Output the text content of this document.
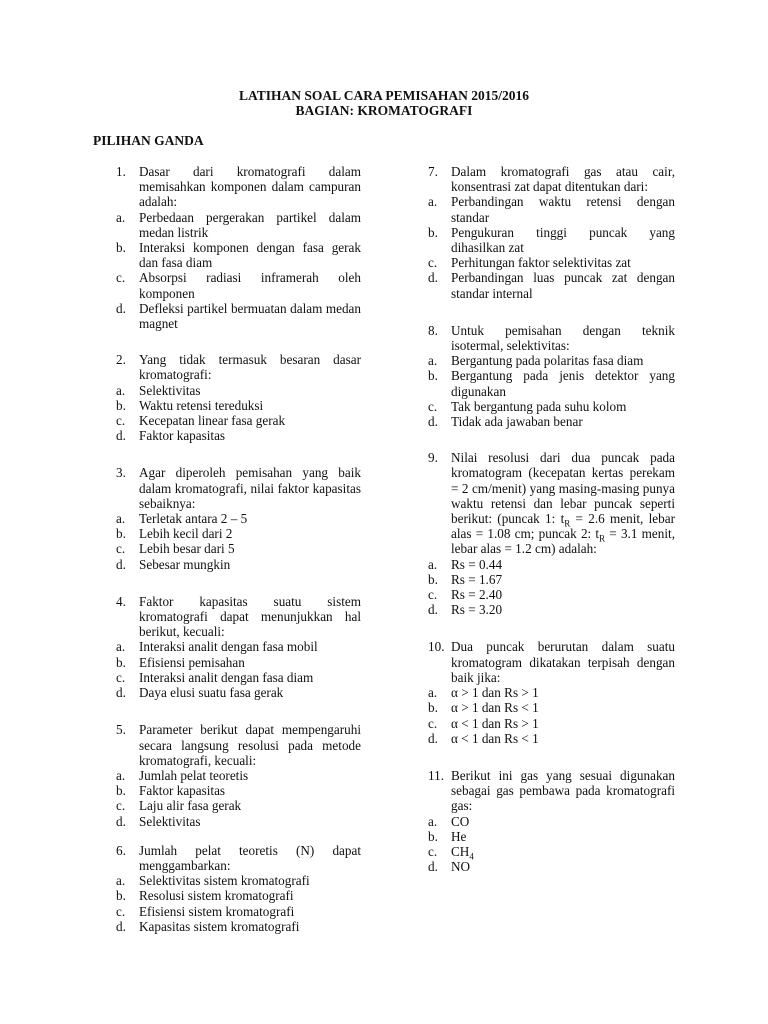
LATIHAN SOAL CARA PEMISAHAN 2015/2016
BAGIAN: KROMATOGRAFI
PILIHAN GANDA
1. Dasar dari kromatografi dalam memisahkan komponen dalam campuran adalah:
a. Perbedaan pergerakan partikel dalam medan listrik
b. Interaksi komponen dengan fasa gerak dan fasa diam
c. Absorpsi radiasi inframerah oleh komponen
d. Defleksi partikel bermuatan dalam medan magnet
2. Yang tidak termasuk besaran dasar kromatografi:
a. Selektivitas
b. Waktu retensi tereduksi
c. Kecepatan linear fasa gerak
d. Faktor kapasitas
3. Agar diperoleh pemisahan yang baik dalam kromatografi, nilai faktor kapasitas sebaiknya:
a. Terletak antara 2 – 5
b. Lebih kecil dari 2
c. Lebih besar dari 5
d. Sebesar mungkin
4. Faktor kapasitas suatu sistem kromatografi dapat menunjukkan hal berikut, kecuali:
a. Interaksi analit dengan fasa mobil
b. Efisiensi pemisahan
c. Interaksi analit dengan fasa diam
d. Daya elusi suatu fasa gerak
5. Parameter berikut dapat mempengaruhi secara langsung resolusi pada metode kromatografi, kecuali:
a. Jumlah pelat teoretis
b. Faktor kapasitas
c. Laju alir fasa gerak
d. Selektivitas
6. Jumlah pelat teoretis (N) dapat menggambarkan:
a. Selektivitas sistem kromatografi
b. Resolusi sistem kromatografi
c. Efisiensi sistem kromatografi
d. Kapasitas sistem kromatografi
7. Dalam kromatografi gas atau cair, konsentrasi zat dapat ditentukan dari:
a. Perbandingan waktu retensi dengan standar
b. Pengukuran tinggi puncak yang dihasilkan zat
c. Perhitungan faktor selektivitas zat
d. Perbandingan luas puncak zat dengan standar internal
8. Untuk pemisahan dengan teknik isotermal, selektivitas:
a. Bergantung pada polaritas fasa diam
b. Bergantung pada jenis detektor yang digunakan
c. Tak bergantung pada suhu kolom
d. Tidak ada jawaban benar
9. Nilai resolusi dari dua puncak pada kromatogram (kecepatan kertas perekam = 2 cm/menit) yang masing-masing punya waktu retensi dan lebar puncak seperti berikut: (puncak 1: $t_R = 2.6$ menit, lebar alas = 1.08 cm; puncak 2: $t_R = 3.1$ menit, lebar alas = 1.2 cm) adalah:
a. Rs = 0.44
b. Rs = 1.67
c. Rs = 2.40
d. Rs = 3.20
10. Dua puncak berurutan dalam suatu kromatogram dikatakan terpisah dengan baik jika:
a. α > 1 dan Rs > 1
b. α > 1 dan Rs < 1
c. α < 1 dan Rs > 1
d. α < 1 dan Rs < 1
11. Berikut ini gas yang sesuai digunakan sebagai gas pembawa pada kromatografi gas:
a. CO
b. He
c. $CH_4$
d. NO
